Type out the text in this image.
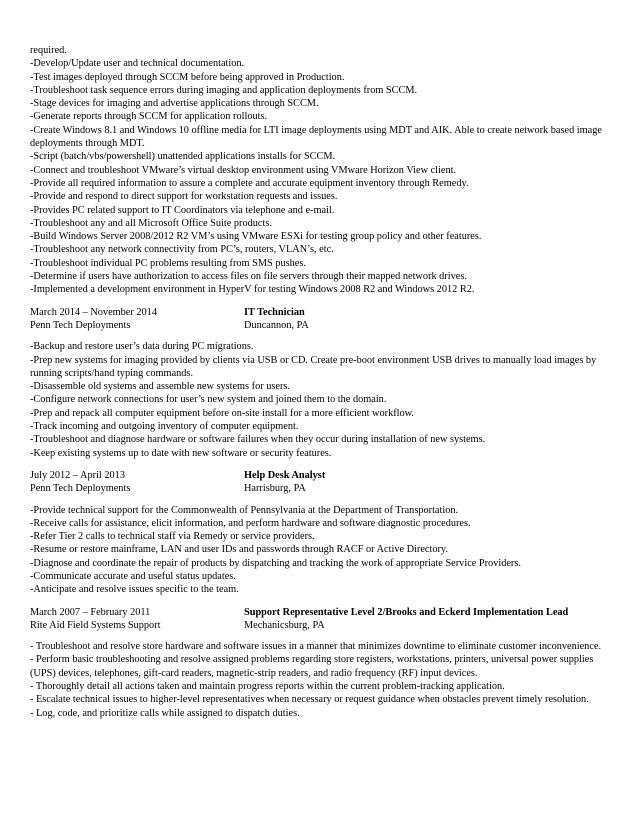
required.
-Develop/Update user and technical documentation.
-Test images deployed through SCCM before being approved in Production.
-Troubleshoot task sequence errors during imaging and application deployments from SCCM.
-Stage devices for imaging and advertise applications through SCCM.
-Generate reports through SCCM for application rollouts.
-Create Windows 8.1 and Windows 10 offline media for LTI image deployments using MDT and AIK. Able to create network based image deployments through MDT.
-Script (batch/vbs/powershell) unattended applications installs for SCCM.
-Connect and troubleshoot VMware’s virtual desktop environment using VMware Horizon View client.
-Provide all required information to assure a complete and accurate equipment inventory through Remedy.
-Provide and respond to direct support for workstation requests and issues.
-Provides PC related support to IT Coordinators via telephone and e-mail.
-Troubleshoot any and all Microsoft Office Suite products.
-Build Windows Server 2008/2012 R2 VM’s using VMware ESXi for testing group policy and other features.
-Troubleshoot any network connectivity from PC’s, routers, VLAN’s, etc.
-Troubleshoot individual PC problems resulting from SMS pushes.
-Determine if users have authorization to access files on file servers through their mapped network drives.
-Implemented a development environment in HyperV for testing Windows 2008 R2 and Windows 2012 R2.
March 2014 – November 2014	IT Technician
Penn Tech Deployments	Duncannon, PA
-Backup and restore user’s data during PC migrations.
-Prep new systems for imaging provided by clients via USB or CD. Create pre-boot environment USB drives to manually load images by running scripts/hand typing commands.
-Disassemble old systems and assemble new systems for users.
-Configure network connections for user’s new system and joined them to the domain.
-Prep and repack all computer equipment before on-site install for a more efficient workflow.
-Track incoming and outgoing inventory of computer equipment.
-Troubleshoot and diagnose hardware or software failures when they occur during installation of new systems.
-Keep existing systems up to date with new software or security features.
July 2012 – April 2013	Help Desk Analyst
Penn Tech Deployments	Harrisburg, PA
-Provide technical support for the Commonwealth of Pennsylvania at the Department of Transportation.
-Receive calls for assistance, elicit information, and perform hardware and software diagnostic procedures.
-Refer Tier 2 calls to technical staff via Remedy or service providers.
-Resume or restore mainframe, LAN and user IDs and passwords through RACF or Active Directory.
-Diagnose and coordinate the repair of products by dispatching and tracking the work of appropriate Service Providers.
-Communicate accurate and useful status updates.
-Anticipate and resolve issues specific to the team.
March 2007 – February 2011	Support Representative Level 2/Brooks and Eckerd Implementation Lead
Rite Aid Field Systems Support	Mechanicsburg, PA
- Troubleshoot and resolve store hardware and software issues in a manner that minimizes downtime to eliminate customer inconvenience.
- Perform basic troubleshooting and resolve assigned problems regarding store registers, workstations, printers, universal power supplies (UPS) devices, telephones, gift-card readers, magnetic-strip readers, and radio frequency (RF) input devices.
- Thoroughly detail all actions taken and maintain progress reports within the current problem-tracking application.
- Escalate technical issues to higher-level representatives when necessary or request guidance when obstacles prevent timely resolution.
- Log, code, and prioritize calls while assigned to dispatch duties.
